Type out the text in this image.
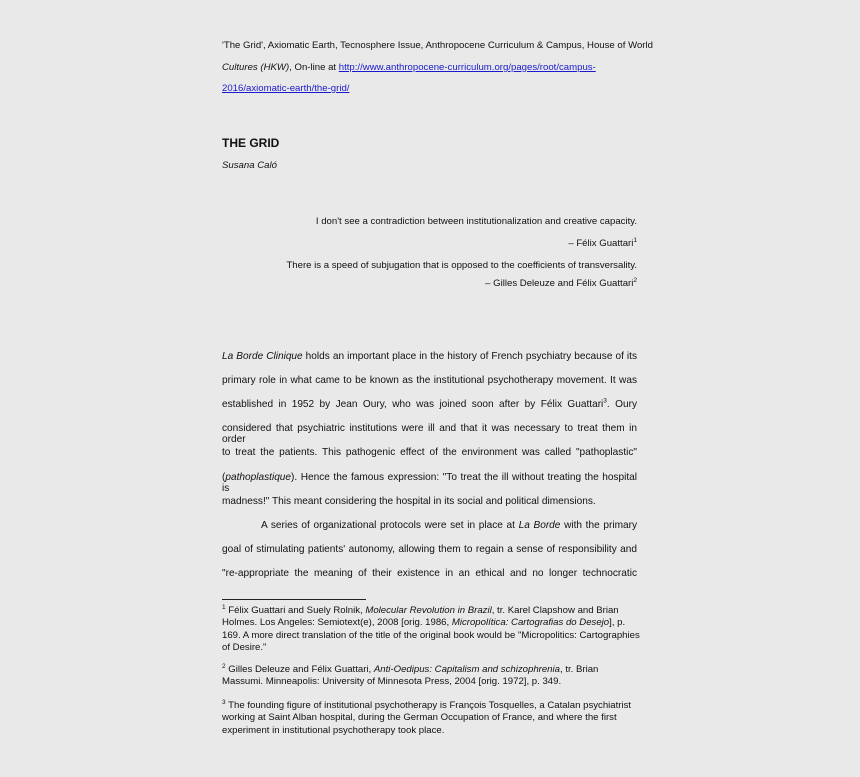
'The Grid', Axiomatic Earth, Tecnosphere Issue, Anthropocene Curriculum & Campus, House of World
Cultures (HKW), On-line at http://www.anthropocene-curriculum.org/pages/root/campus-
2016/axiomatic-earth/the-grid/
THE GRID
Susana Caló
I don't see a contradiction between institutionalization and creative capacity.
– Félix Guattari$^1$
There is a speed of subjugation that is opposed to the coefficients of transversality.
– Gilles Deleuze and Félix Guattari$^2$
La Borde Clinique holds an important place in the history of French psychiatry because of its
primary role in what came to be known as the institutional psychotherapy movement. It was
established in 1952 by Jean Oury, who was joined soon after by Félix Guattari$^3$. Oury
considered that psychiatric institutions were ill and that it was necessary to treat them in order
to treat the patients. This pathogenic effect of the environment was called "pathoplastic"
(pathoplastique). Hence the famous expression: "To treat the ill without treating the hospital is
madness!" This meant considering the hospital in its social and political dimensions.
A series of organizational protocols were set in place at La Borde with the primary
goal of stimulating patients' autonomy, allowing them to regain a sense of responsibility and
"re-appropriate the meaning of their existence in an ethical and no longer technocratic
$^1$ Félix Guattari and Suely Rolnik, Molecular Revolution in Brazil, tr. Karel Clapshow and Brian Holmes. Los Angeles: Semiotext(e), 2008 [orig. 1986, Micropolítica: Cartografias do Desejo], p. 169. A more direct translation of the title of the original book would be "Micropolitics: Cartographies of Desire."
$^2$ Gilles Deleuze and Félix Guattari, Anti-Oedipus: Capitalism and schizophrenia, tr. Brian Massumi. Minneapolis: University of Minnesota Press, 2004 [orig. 1972], p. 349.
$^3$ The founding figure of institutional psychotherapy is François Tosquelles, a Catalan psychiatrist working at Saint Alban hospital, during the German Occupation of France, and where the first experiment in institutional psychotherapy took place.
